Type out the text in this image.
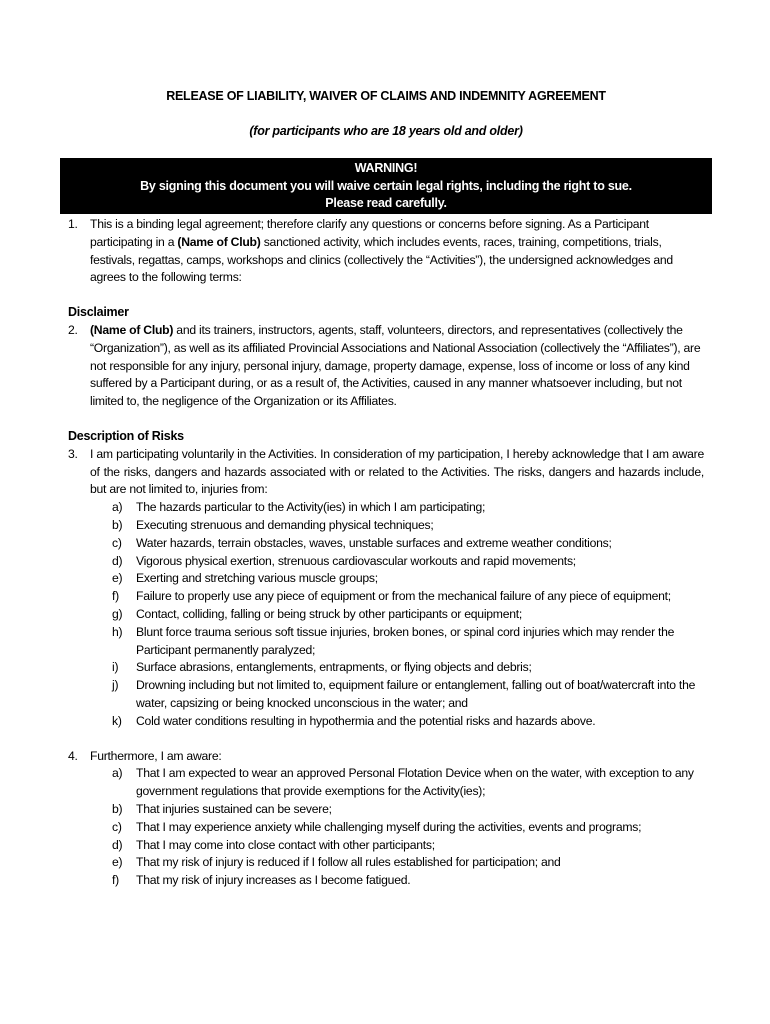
RELEASE OF LIABILITY, WAIVER OF CLAIMS AND INDEMNITY AGREEMENT
(for participants who are 18 years old and older)
WARNING!
By signing this document you will waive certain legal rights, including the right to sue.
Please read carefully.
1.	This is a binding legal agreement; therefore clarify any questions or concerns before signing. As a Participant participating in a (Name of Club) sanctioned activity, which includes events, races, training, competitions, trials, festivals, regattas, camps, workshops and clinics (collectively the “Activities”), the undersigned acknowledges and agrees to the following terms:
Disclaimer
2.	(Name of Club) and its trainers, instructors, agents, staff, volunteers, directors, and representatives (collectively the “Organization”), as well as its affiliated Provincial Associations and National Association (collectively the “Affiliates”), are not responsible for any injury, personal injury, damage, property damage, expense, loss of income or loss of any kind suffered by a Participant during, or as a result of, the Activities, caused in any manner whatsoever including, but not limited to, the negligence of the Organization or its Affiliates.
Description of Risks
3.	I am participating voluntarily in the Activities. In consideration of my participation, I hereby acknowledge that I am aware of the risks, dangers and hazards associated with or related to the Activities. The risks, dangers and hazards include, but are not limited to, injuries from:
a)	The hazards particular to the Activity(ies) in which I am participating;
b)	Executing strenuous and demanding physical techniques;
c)	Water hazards, terrain obstacles, waves, unstable surfaces and extreme weather conditions;
d)	Vigorous physical exertion, strenuous cardiovascular workouts and rapid movements;
e)	Exerting and stretching various muscle groups;
f)	Failure to properly use any piece of equipment or from the mechanical failure of any piece of equipment;
g)	Contact, colliding, falling or being struck by other participants or equipment;
h)	Blunt force trauma serious soft tissue injuries, broken bones, or spinal cord injuries which may render the Participant permanently paralyzed;
i)	Surface abrasions, entanglements, entrapments, or flying objects and debris;
j)	Drowning including but not limited to, equipment failure or entanglement, falling out of boat/watercraft into the water, capsizing or being knocked unconscious in the water; and
k)	Cold water conditions resulting in hypothermia and the potential risks and hazards above.
4.	Furthermore, I am aware:
a)	That I am expected to wear an approved Personal Flotation Device when on the water, with exception to any government regulations that provide exemptions for the Activity(ies);
b)	That injuries sustained can be severe;
c)	That I may experience anxiety while challenging myself during the activities, events and programs;
d)	That I may come into close contact with other participants;
e)	That my risk of injury is reduced if I follow all rules established for participation; and
f)	That my risk of injury increases as I become fatigued.
